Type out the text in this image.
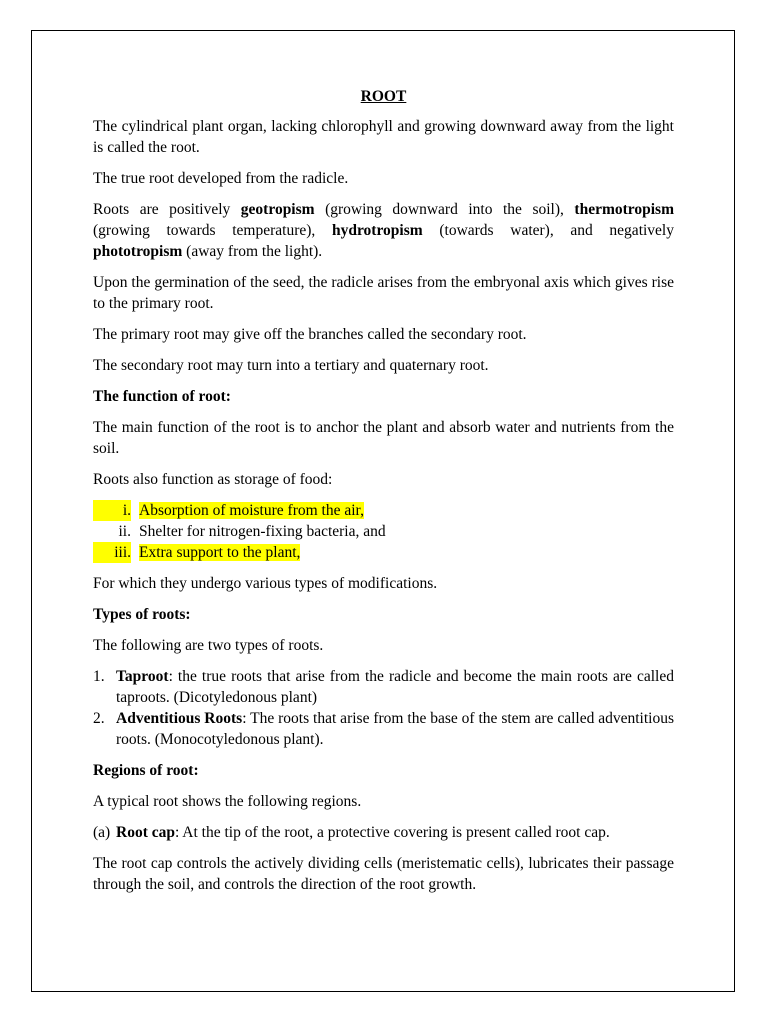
ROOT

The cylindrical plant organ, lacking chlorophyll and growing downward away from the light is called the root.

The true root developed from the radicle.

Roots are positively geotropism (growing downward into the soil), thermotropism (growing towards temperature), hydrotropism (towards water), and negatively phototropism (away from the light).

Upon the germination of the seed, the radicle arises from the embryonal axis which gives rise to the primary root.

The primary root may give off the branches called the secondary root.

The secondary root may turn into a tertiary and quaternary root.

The function of root:

The main function of the root is to anchor the plant and absorb water and nutrients from the soil.

Roots also function as storage of food:

i. Absorption of moisture from the air,
ii. Shelter for nitrogen-fixing bacteria, and
iii. Extra support to the plant,

For which they undergo various types of modifications.

Types of roots:

The following are two types of roots.

1. Taproot: the true roots that arise from the radicle and become the main roots are called taproots. (Dicotyledonous plant)
2. Adventitious Roots: The roots that arise from the base of the stem are called adventitious roots. (Monocotyledonous plant).

Regions of root:

A typical root shows the following regions.

(a) Root cap: At the tip of the root, a protective covering is present called root cap.

The root cap controls the actively dividing cells (meristematic cells), lubricates their passage through the soil, and controls the direction of the root growth.
